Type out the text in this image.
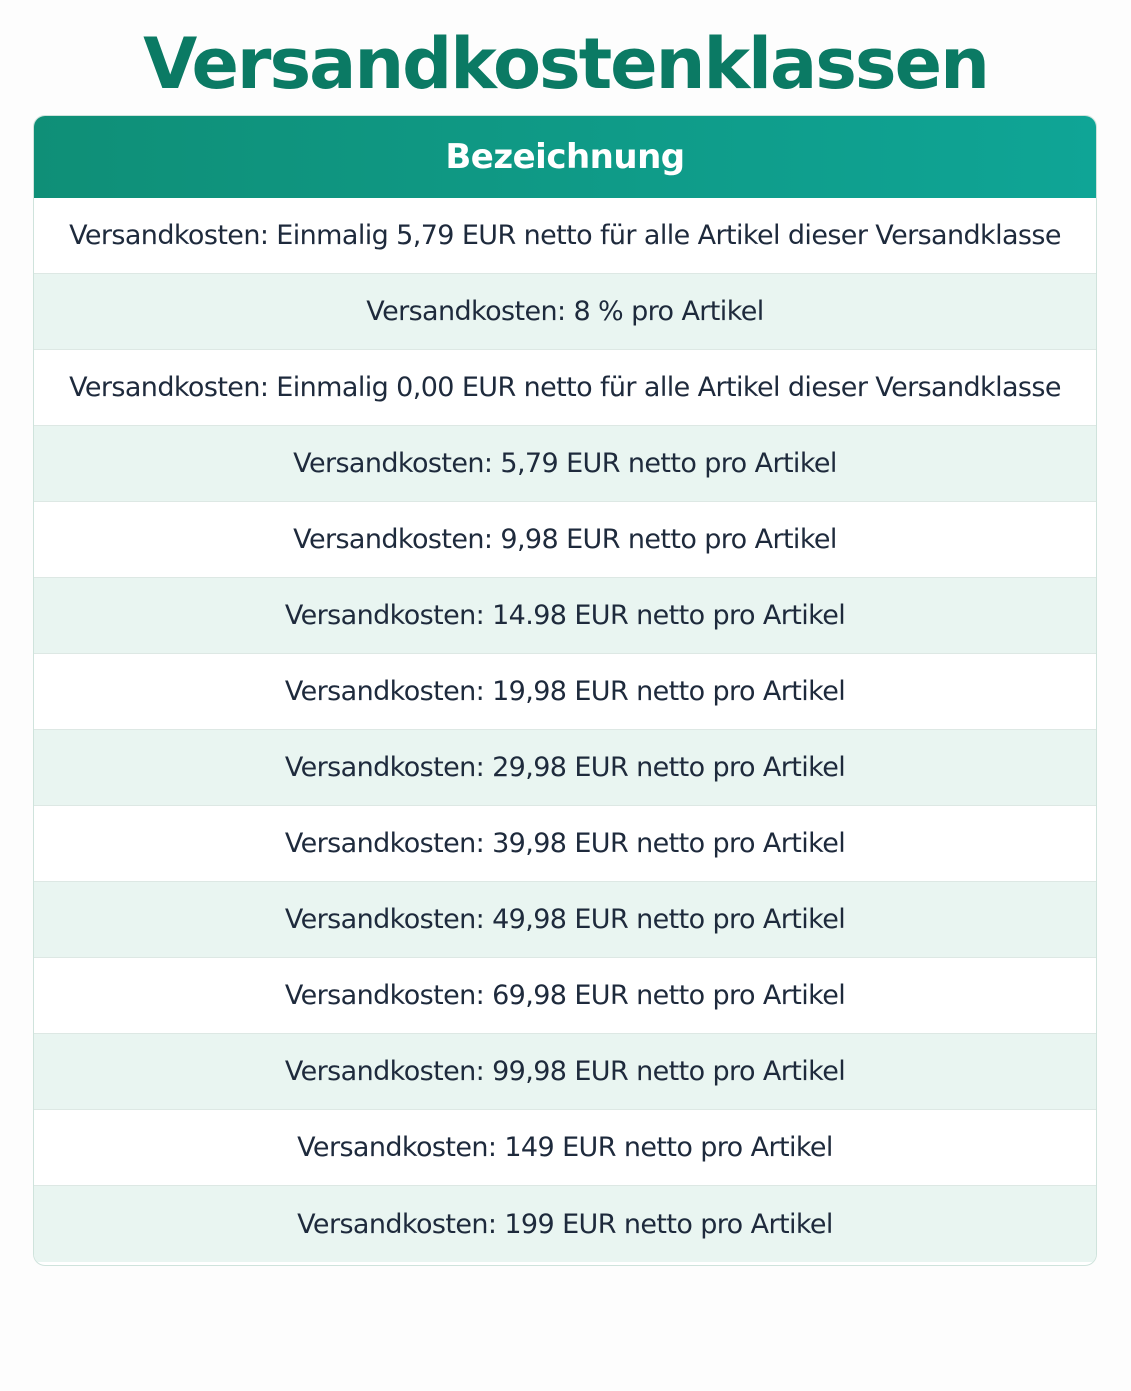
Versandkostenklassen
Bezeichnung
Versandkosten: Einmalig 5,79 EUR netto für alle Artikel dieser Versandklasse
Versandkosten: 8 % pro Artikel
Versandkosten: Einmalig 0,00 EUR netto für alle Artikel dieser Versandklasse
Versandkosten: 5,79 EUR netto pro Artikel
Versandkosten: 9,98 EUR netto pro Artikel
Versandkosten: 14.98 EUR netto pro Artikel
Versandkosten: 19,98 EUR netto pro Artikel
Versandkosten: 29,98 EUR netto pro Artikel
Versandkosten: 39,98 EUR netto pro Artikel
Versandkosten: 49,98 EUR netto pro Artikel
Versandkosten: 69,98 EUR netto pro Artikel
Versandkosten: 99,98 EUR netto pro Artikel
Versandkosten: 149 EUR netto pro Artikel
Versandkosten: 199 EUR netto pro Artikel
